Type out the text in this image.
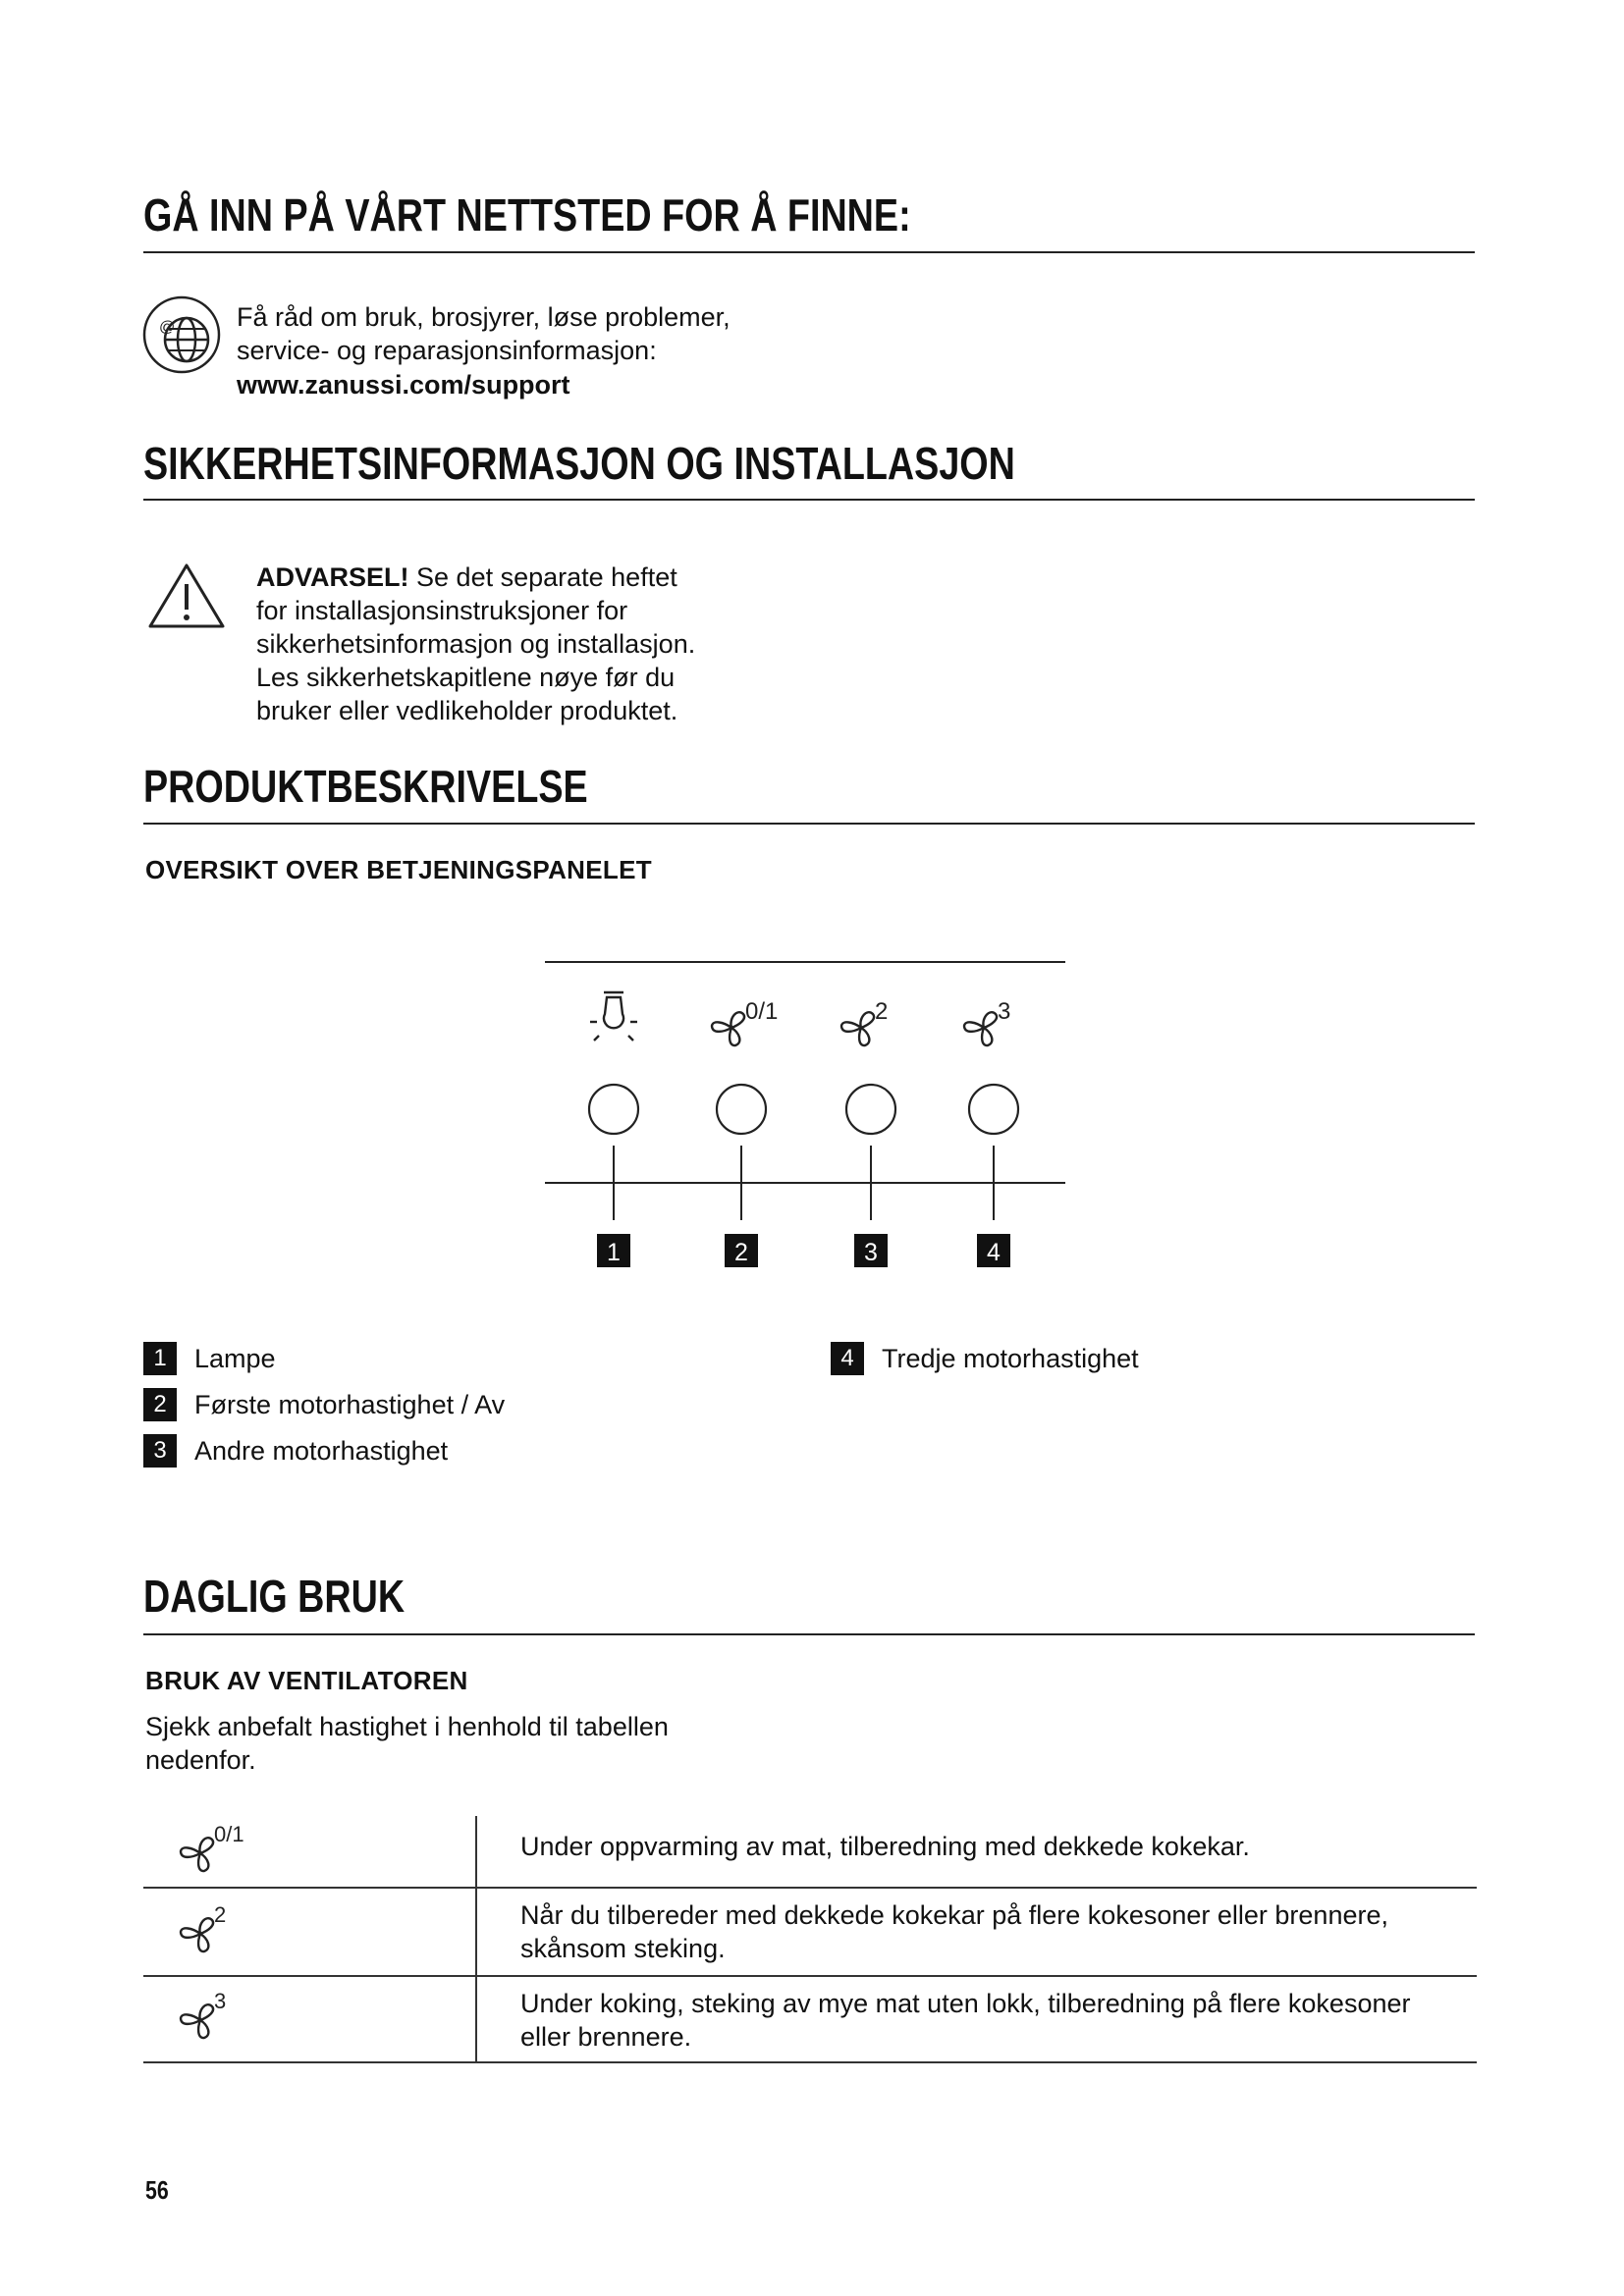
GÅ INN PÅ VÅRT NETTSTED FOR Å FINNE:
@ Få råd om bruk, brosjyrer, løse problemer,
service- og reparasjonsinformasjon:
www.zanussi.com/support
SIKKERHETSINFORMASJON OG INSTALLASJON
ADVARSEL! Se det separate heftet
for installasjonsinstruksjoner for
sikkerhetsinformasjon og installasjon.
Les sikkerhetskapitlene nøye før du
bruker eller vedlikeholder produktet.
PRODUKTBESKRIVELSE
OVERSIKT OVER BETJENINGSPANELET
0/1	2	3
1	2	3	4
1	Lampe
2	Første motorhastighet / Av
3	Andre motorhastighet
4	Tredje motorhastighet
DAGLIG BRUK
BRUK AV VENTILATOREN
Sjekk anbefalt hastighet i henhold til tabellen
nedenfor.
0/1	Under oppvarming av mat, tilberedning med dekkede kokekar.
2	Når du tilbereder med dekkede kokekar på flere kokesoner eller brennere,
skånsom steking.
3	Under koking, steking av mye mat uten lokk, tilberedning på flere kokesoner
eller brennere.
56
